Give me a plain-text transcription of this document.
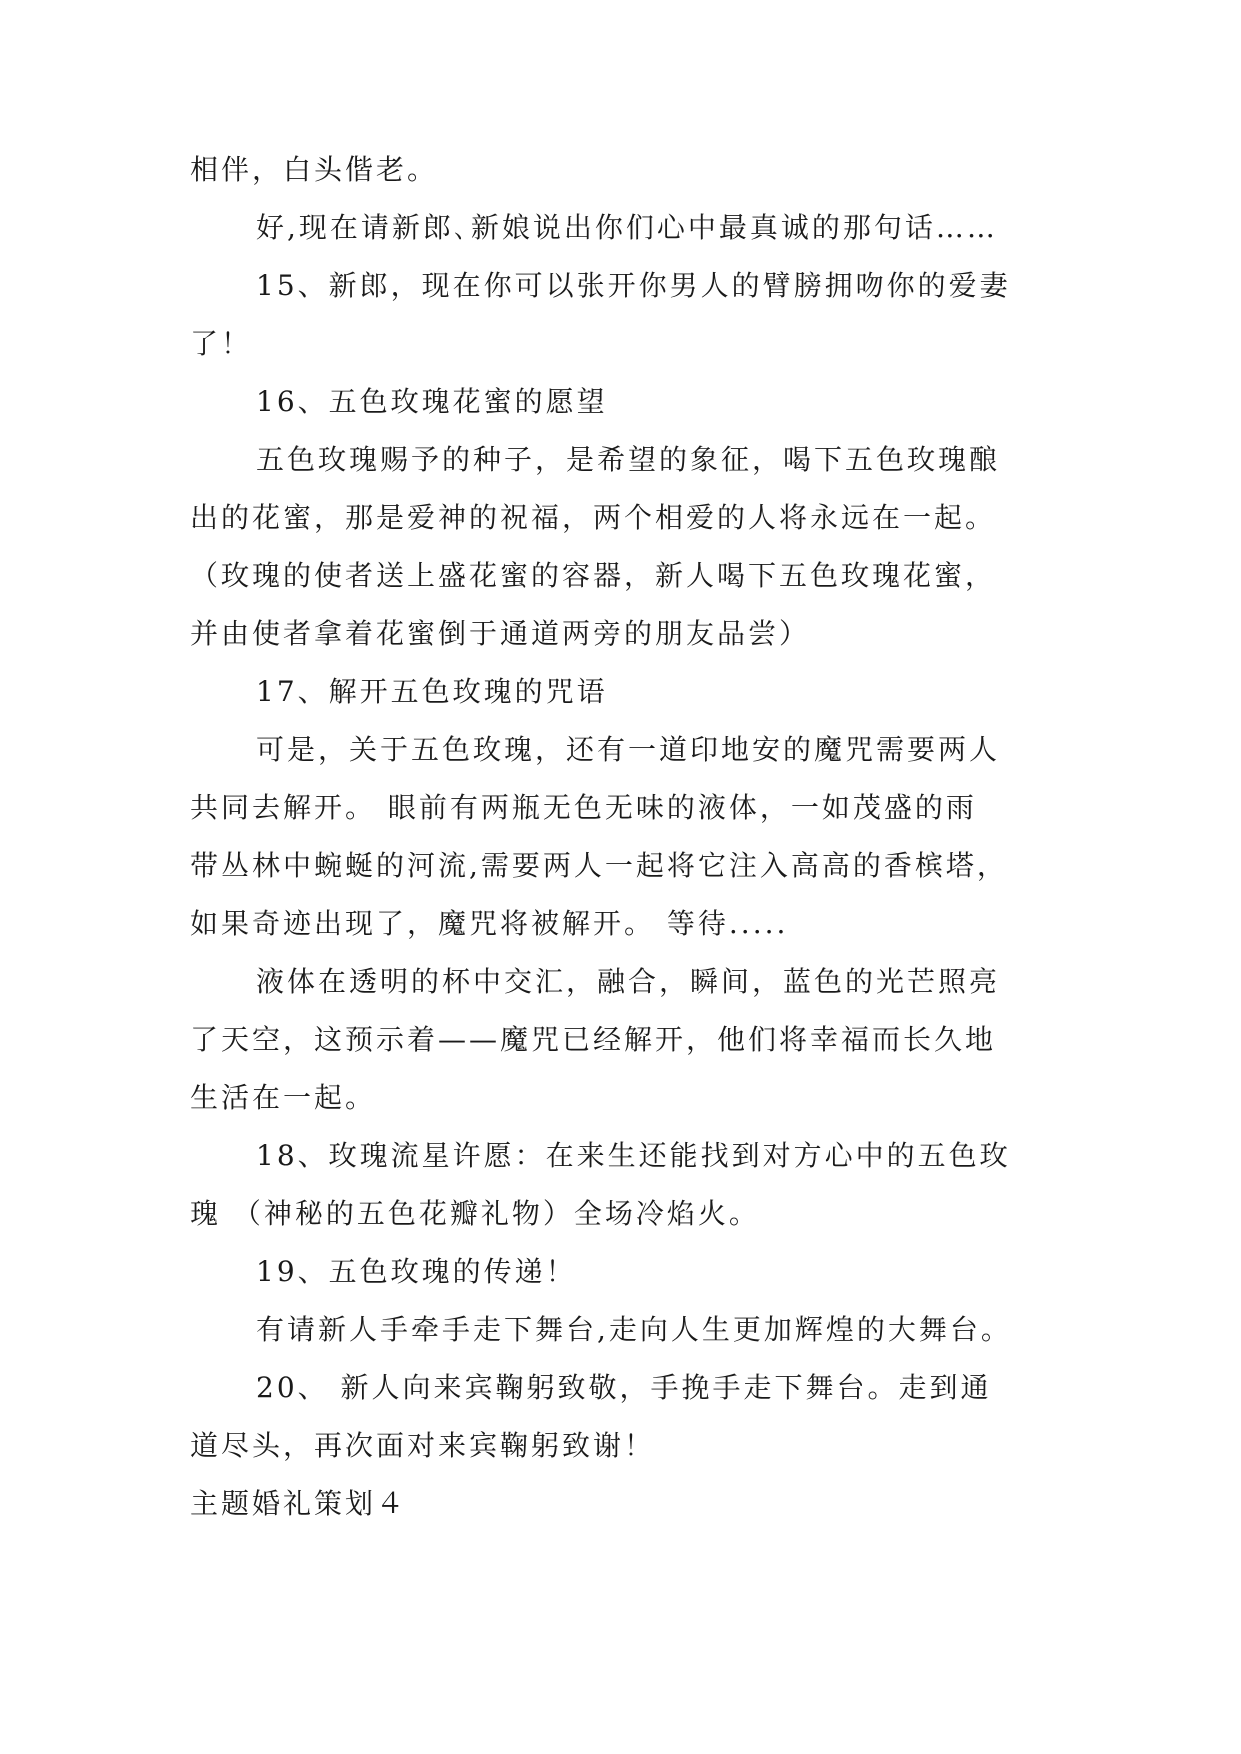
相伴，白头偕老。
好,现在请新郎､新娘说出你们心中最真诚的那句话……
15、新郎，现在你可以张开你男人的臂膀拥吻你的爱妻
了！
16、五色玫瑰花蜜的愿望
五色玫瑰赐予的种子，是希望的象征，喝下五色玫瑰酿
出的花蜜，那是爱神的祝福，两个相爱的人将永远在一起。
（玫瑰的使者送上盛花蜜的容器，新人喝下五色玫瑰花蜜，
并由使者拿着花蜜倒于通道两旁的朋友品尝）
17、解开五色玫瑰的咒语
可是，关于五色玫瑰，还有一道印地安的魔咒需要两人
共同去解开。 眼前有两瓶无色无味的液体，一如茂盛的雨
带丛林中蜿蜒的河流,需要两人一起将它注入高高的香槟塔，
如果奇迹出现了，魔咒将被解开。 等待.....
液体在透明的杯中交汇，融合，瞬间，蓝色的光芒照亮
了天空，这预示着——魔咒已经解开，他们将幸福而长久地
生活在一起。
18、玫瑰流星许愿：在来生还能找到对方心中的五色玫
瑰 （神秘的五色花瓣礼物）全场冷焰火。
19、五色玫瑰的传递！
有请新人手牵手走下舞台,走向人生更加辉煌的大舞台。
20、 新人向来宾鞠躬致敬，手挽手走下舞台。走到通
道尽头，再次面对来宾鞠躬致谢！
主题婚礼策划４
